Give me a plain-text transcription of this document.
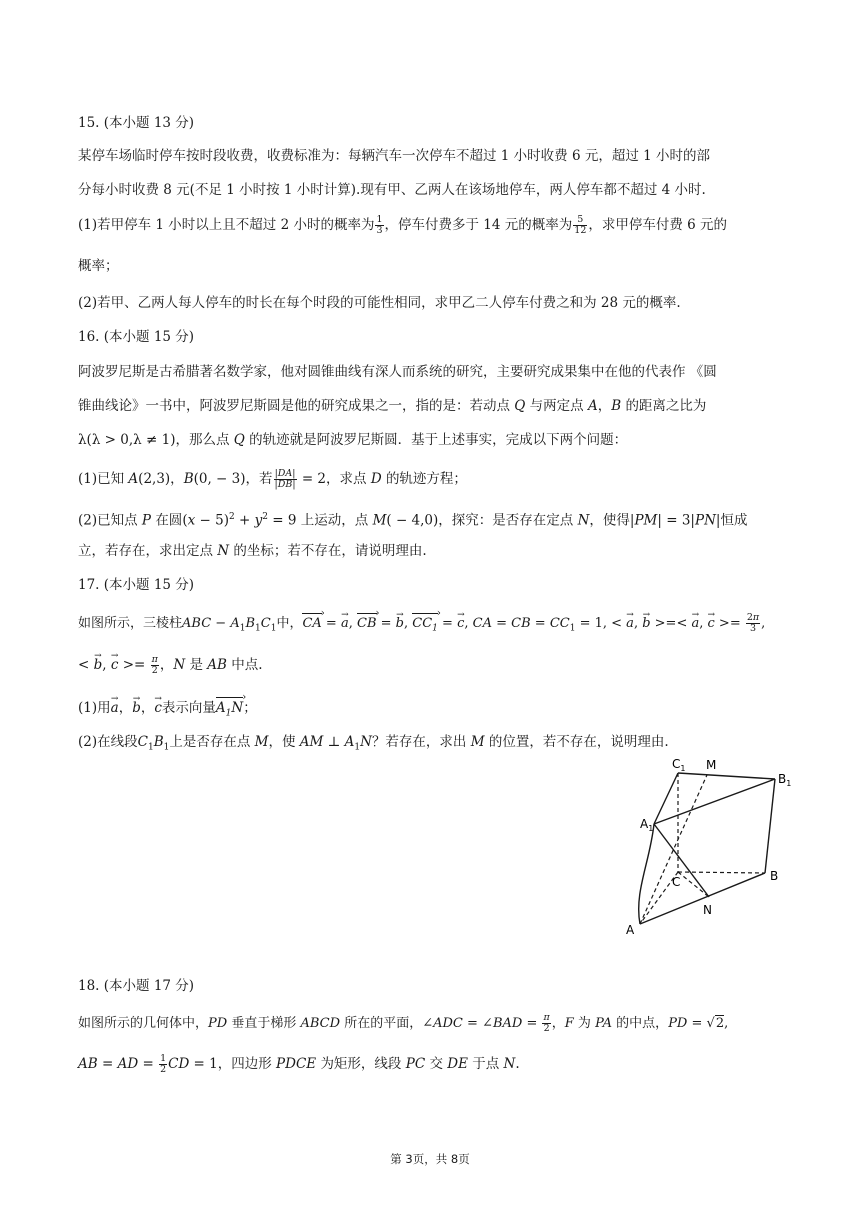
15. (本小题 13 分)
某停车场临时停车按时段收费，收费标准为：每辆汽车一次停车不超过 1 小时收费 6 元，超过 1 小时的部
分每小时收费 8 元(不足 1 小时按 1 小时计算).现有甲、乙两人在该场地停车，两人停车都不超过 4 小时.
(1)若甲停车 1 小时以上且不超过 2 小时的概率为 $\frac{1}{3}$ ，停车付费多于 14 元的概率为 $\frac{5}{12}$ ，求甲停车付费 6 元的
概率；
(2)若甲、乙两人每人停车的时长在每个时段的可能性相同，求甲乙二人停车付费之和为 28 元的概率.
16. (本小题 15 分)
阿波罗尼斯是古希腊著名数学家，他对圆锥曲线有深人而系统的研究，主要研究成果集中在他的代表作 《圆
锥曲线论》一书中，阿波罗尼斯圆是他的研究成果之一，指的是：若动点 Q 与两定点 A，B 的距离之比为
λ(λ > 0,λ ≠ 1)，那么点 Q 的轨迹就是阿波罗尼斯圆．基于上述事实，完成以下两个问题：
(1)已知 A(2,3)，B(0, − 3)，若 $\frac{|DA|}{|DB|} = 2$，求点 D 的轨迹方程；
(2)已知点 P 在圆$(x - 5)^2 + y^2 = 9$ 上运动，点 M( − 4,0)，探究：是否存在定点 N，使得|PM| = 3|PN|恒成
立，若存在，求出定点 N 的坐标；若不存在，请说明理由.
17. (本小题 15 分)
如图所示，三棱柱ABC − $A_1B_1C_1$中，CA › = → a, CB › = → b, $CC_1$ › = → c, CA = CB = $CC_1 = 1$, < → a, → b >=< → a, → $c >= \frac{2\pi}{3}$ ,
< → b, → $c >= \frac{\pi}{2}$ ，N 是 AB 中点.
(1)用→ a，→ b，→ c表示向量$A_1N$ ›；
(2)在线段$C_1B_1$上是否存在点 M，使 AM ⊥ $A_1N$？若存在，求出 M 的位置，若不存在，说明理由.
$C_1$ M
$B_1$
$A_1$
C	B
N
A
18. (本小题 17 分)
如图所示的几何体中，PD 垂直于梯形 ABCD 所在的平面，∠ADC = ∠BAD = $\frac{\pi}{2}$ ，F 为 PA 的中点，PD = √2,
AB = AD = $\frac{1}{2}$ CD = 1，四边形 PDCE 为矩形，线段 PC 交 DE 于点 N.
第 3页，共 8页
